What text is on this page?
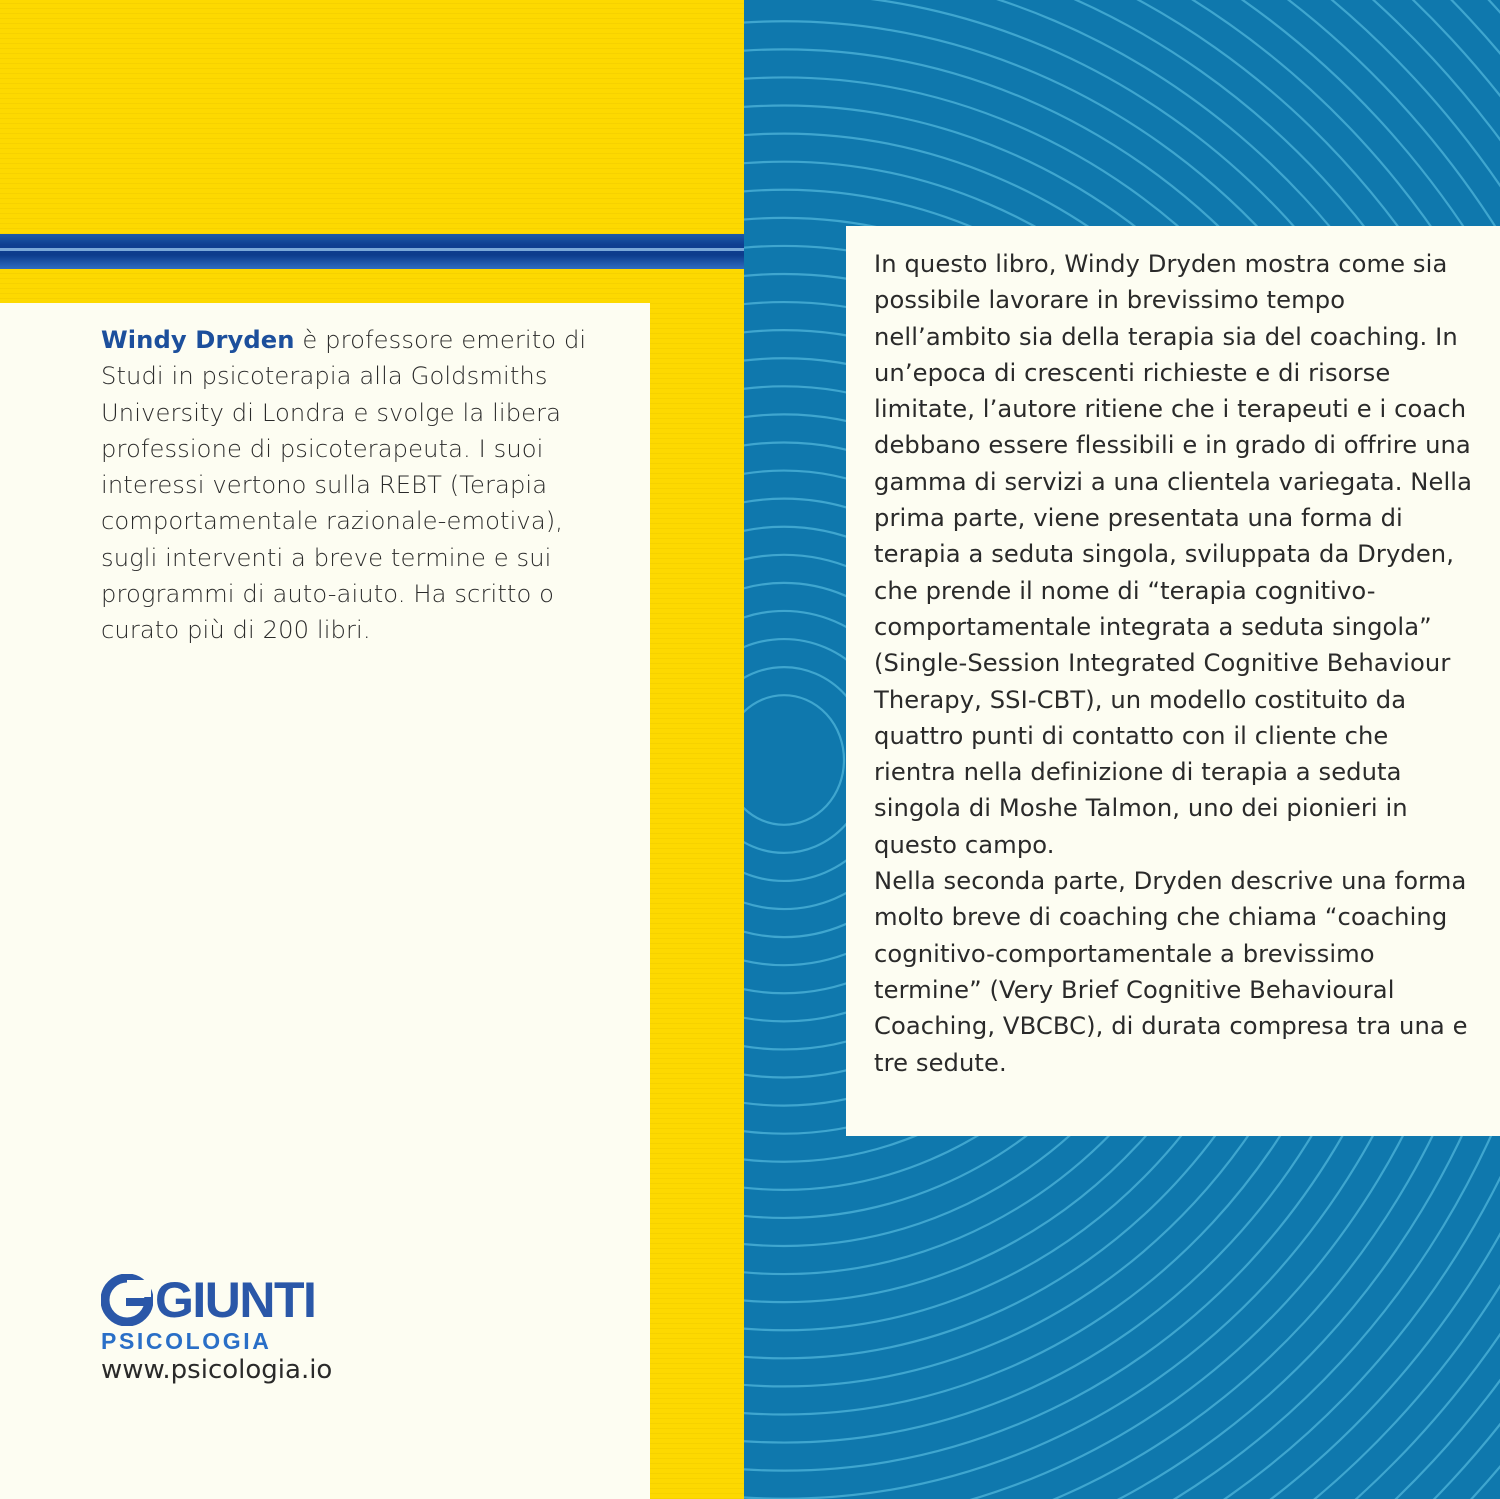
Windy Dryden è professore emerito di Studi in psicoterapia alla Goldsmiths University di Londra e svolge la libera professione di psicoterapeuta. I suoi interessi vertono sulla REBT (Terapia comportamentale razionale-emotiva), sugli interventi a breve termine e sui programmi di auto-aiuto. Ha scritto o curato più di 200 libri.

GIUNTI
PSICOLOGIA
www.psicologia.io

In questo libro, Windy Dryden mostra come sia possibile lavorare in brevissimo tempo nell’ambito sia della terapia sia del coaching. In un’epoca di crescenti richieste e di risorse limitate, l’autore ritiene che i terapeuti e i coach debbano essere flessibili e in grado di offrire una gamma di servizi a una clientela variegata. Nella prima parte, viene presentata una forma di terapia a seduta singola, sviluppata da Dryden, che prende il nome di “terapia cognitivo-comportamentale integrata a seduta singola” (Single-Session Integrated Cognitive Behaviour Therapy, SSI-CBT), un modello costituito da quattro punti di contatto con il cliente che rientra nella definizione di terapia a seduta singola di Moshe Talmon, uno dei pionieri in questo campo.

Nella seconda parte, Dryden descrive una forma molto breve di coaching che chiama “coaching cognitivo-comportamentale a brevissimo termine” (Very Brief Cognitive Behavioural Coaching, VBCBC), di durata compresa tra una e tre sedute.
